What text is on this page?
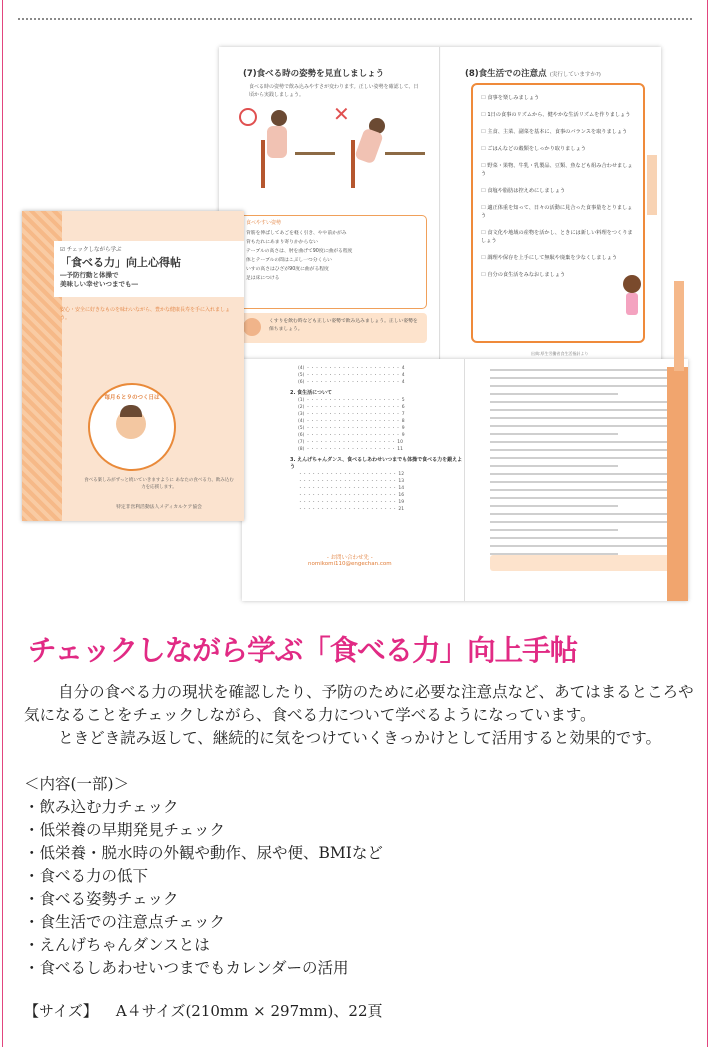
(7)食べる時の姿勢を見直しましょう
食べる時の姿勢で飲み込みやすさが変わります。正しい姿勢を確認して、日頃から実践しましょう。
✕
食べやすい姿勢
背筋を伸ばしてあごを軽く引き、やや前かがみ
背もたれにあまり寄りかからない
テーブルの高さは、肘を曲げて90度に曲がる程度
体とテーブルの間はこぶし一つ分くらい
いすの高さはひざが90度に曲がる程度
足は床につける
くすりを飲む時なども正しい姿勢で飲み込みましょう。正しい姿勢を保ちましょう。
(8)食生活での注意点 (実行していますか?)
☐ 食事を楽しみましょう
☐ 1日の食事のリズムから、健やかな生活リズムを作りましょう
☐ 主食、主菜、副菜を基本に、食事のバランスを取りましょう
☐ ごはんなどの穀類をしっかり取りましょう
☐ 野菜・果物、牛乳・乳製品、豆類、魚なども組み合わせましょう
☐ 食塩や脂肪は控えめにしましょう
☐ 適正体重を知って、日々の活動に見合った食事量をとりましょう
☐ 食文化や地域の産物を活かし、ときには新しい料理をつくりましょう
☐ 調理や保存を上手にして無駄や廃棄を少なくしましょう
☐ 自分の食生活をみなおしましょう
出典:厚生労働省食生活指針より
(4) ・・・・・・・・・・・・・・・・・・・・・ 4
(5) ・・・・・・・・・・・・・・・・・・・・・ 4
(6) ・・・・・・・・・・・・・・・・・・・・・ 4
2. 食生活について
(1) ・・・・・・・・・・・・・・・・・・・・・ 5
(2) ・・・・・・・・・・・・・・・・・・・・・ 6
(3) ・・・・・・・・・・・・・・・・・・・・・ 7
(4) ・・・・・・・・・・・・・・・・・・・・・ 8
(5) ・・・・・・・・・・・・・・・・・・・・・ 9
(6) ・・・・・・・・・・・・・・・・・・・・・ 9
(7) ・・・・・・・・・・・・・・・・・・・・ 10
(8) ・・・・・・・・・・・・・・・・・・・・ 11
3. えんげちゃんダンス、食べるしあわせいつまでも体操で食べる力を鍛えよう
・・・・・・・・・・・・・・・・・・・・・・ 12
・・・・・・・・・・・・・・・・・・・・・・ 13
・・・・・・・・・・・・・・・・・・・・・・ 14
・・・・・・・・・・・・・・・・・・・・・・ 16
・・・・・・・・・・・・・・・・・・・・・・ 19
・・・・・・・・・・・・・・・・・・・・・・ 21
- お問い合わせ先 -
nomikomi110@engechan.com
☑ チェックしながら学ぶ
「食べる力」向上心得帖
―予防行動と体操で
美味しい幸せいつまでも―
安心・安全に好きなものを味わいながら、豊かな健康長寿を手に入れましょう。
毎月６と９のつく日は
食べる楽しみがずっと続いていきますように あなたの食べる力、飲み込む力を応援します。
特定非営利活動法人メディカルケア協会
チェックしながら学ぶ「食べる力」向上手帖

自分の食べる力の現状を確認したり、予防のために必要な注意点など、あてはまるところや気になることをチェックしながら、食べる力について学べるようになっています。

ときどき読み返して、継続的に気をつけていくきっかけとして活用すると効果的です。

＜内容(一部)＞
・飲み込む力チェック
・低栄養の早期発見チェック
・低栄養・脱水時の外観や動作、尿や便、BMIなど
・食べる力の低下
・食べる姿勢チェック
・食生活での注意点チェック
・えんげちゃんダンスとは
・食べるしあわせいつまでもカレンダーの活用
【サイズ】 A４サイズ(210mm × 297mm)、22頁
